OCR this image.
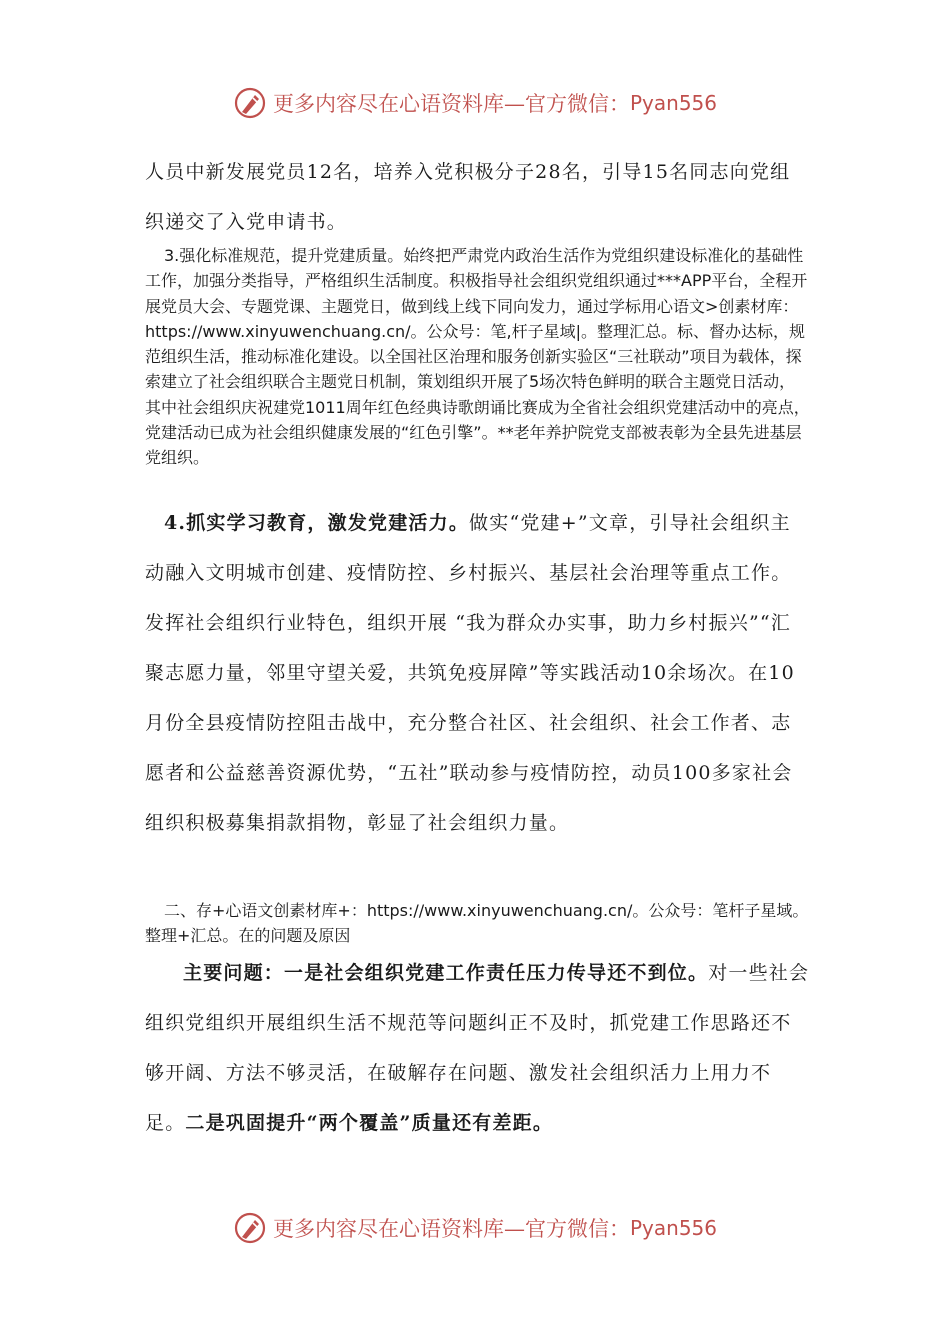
更多内容尽在心语资料库—官方微信： Pyan556

人员中新发展党员12名，培养入党积极分子28名，引导15名同志向党组织递交了入党申请书。

3.强化标准规范，提升党建质量。始终把严肃党内政治生活作为党组织建设标准化的基础性工作，加强分类指导，严格组织生活制度。积极指导社会组织党组织通过***APP平台，全程开展党员大会、专题党课、主题党日，做到线上线下同向发力，通过学标用心语文>创素材库：https://www.xinyuwenchuang.cn/。公众号：笔,杆子星域|。整理汇总。标、督办达标，规范组织生活，推动标准化建设。以全国社区治理和服务创新实验区“三社联动”项目为载体，探索建立了社会组织联合主题党日机制，策划组织开展了5场次特色鲜明的联合主题党日活动，其中社会组织庆祝建党1011周年红色经典诗歌朗诵比赛成为全省社会组织党建活动中的亮点，党建活动已成为社会组织健康发展的“红色引擎”。**老年养护院党支部被表彰为全县先进基层党组织。

4.抓实学习教育，激发党建活力。做实“党建+”文章，引导社会组织主动融入文明城市创建、疫情防控、乡村振兴、基层社会治理等重点工作。发挥社会组织行业特色，组织开展 “我为群众办实事，助力乡村振兴”“汇聚志愿力量，邻里守望关爱，共筑免疫屏障”等实践活动10余场次。在10月份全县疫情防控阻击战中，充分整合社区、社会组织、社会工作者、志愿者和公益慈善资源优势，“五社”联动参与疫情防控，动员100多家社会组织积极募集捐款捐物，彰显了社会组织力量。

二、存+心语文创素材库+：https://www.xinyuwenchuang.cn/。公众号：笔杆子星域。整理+汇总。在的问题及原因

主要问题：一是社会组织党建工作责任压力传导还不到位。对一些社会组织党组织开展组织生活不规范等问题纠正不及时，抓党建工作思路还不够开阔、方法不够灵活，在破解存在问题、激发社会组织活力上用力不足。二是巩固提升“两个覆盖”质量还有差距。

更多内容尽在心语资料库—官方微信： Pyan556
